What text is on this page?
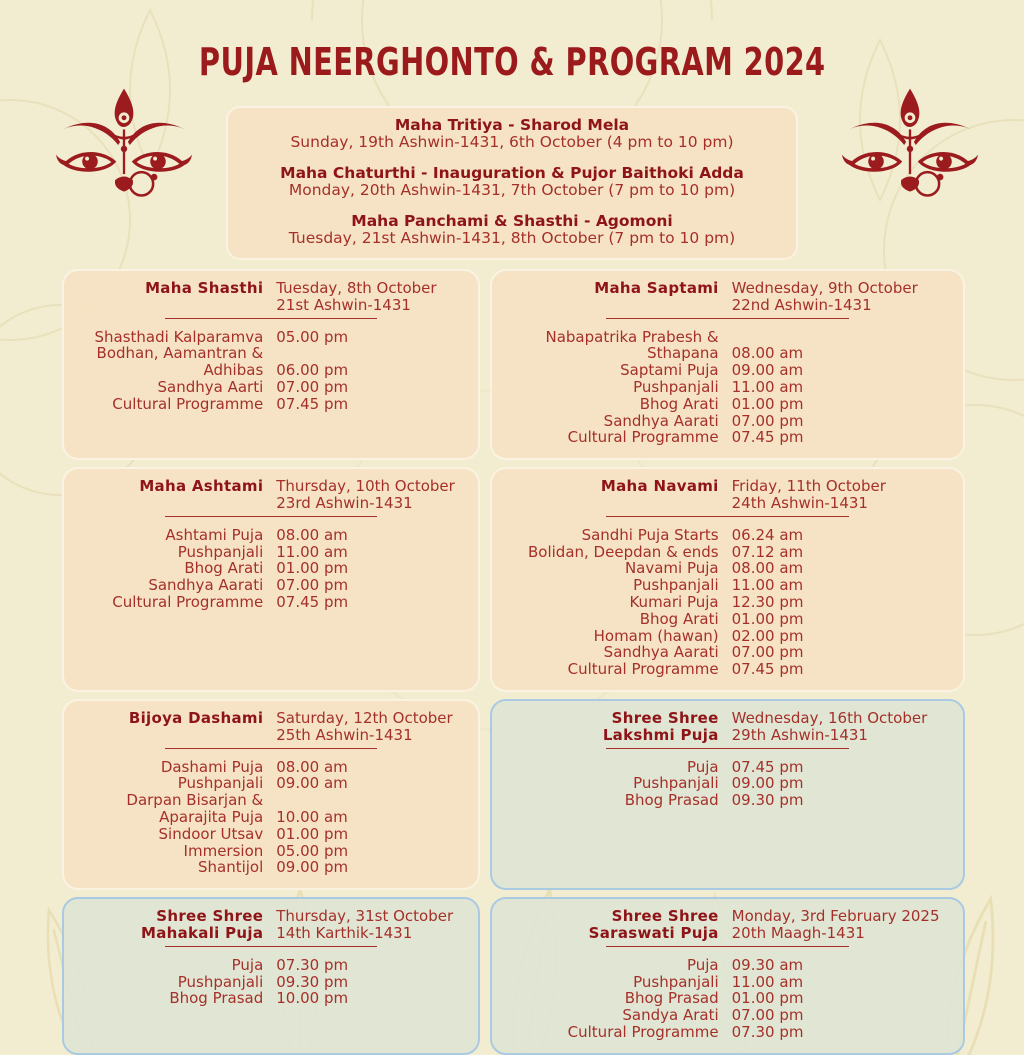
PUJA NEERGHONTO & PROGRAM 2024
Maha Tritiya - Sharod Mela
Sunday, 19th Ashwin-1431, 6th October (4 pm to 10 pm)
Maha Chaturthi - Inauguration & Pujor Baithoki Adda
Monday, 20th Ashwin-1431, 7th October (7 pm to 10 pm)
Maha Panchami & Shasthi - Agomoni
Tuesday, 21st Ashwin-1431, 8th October (7 pm to 10 pm)
Maha Shasthi Tuesday, 8th October
21st Ashwin-1431
Shasthadi Kalparamva 05.00 pm
Bodhan, Aamantran &
Adhibas 06.00 pm
Sandhya Aarti 07.00 pm
Cultural Programme 07.45 pm
Maha Saptami Wednesday, 9th October
22nd Ashwin-1431
Nabapatrika Prabesh &
Sthapana 08.00 am
Saptami Puja 09.00 am
Pushpanjali 11.00 am
Bhog Arati 01.00 pm
Sandhya Aarati 07.00 pm
Cultural Programme 07.45 pm
Maha Ashtami Thursday, 10th October
23rd Ashwin-1431
Ashtami Puja 08.00 am
Pushpanjali 11.00 am
Bhog Arati 01.00 pm
Sandhya Aarati 07.00 pm
Cultural Programme 07.45 pm
Maha Navami Friday, 11th October
24th Ashwin-1431
Sandhi Puja Starts 06.24 am
Bolidan, Deepdan & ends 07.12 am
Navami Puja 08.00 am
Pushpanjali 11.00 am
Kumari Puja 12.30 pm
Bhog Arati 01.00 pm
Homam (hawan) 02.00 pm
Sandhya Aarati 07.00 pm
Cultural Programme 07.45 pm
Bijoya Dashami Saturday, 12th October
25th Ashwin-1431
Dashami Puja 08.00 am
Pushpanjali 09.00 am
Darpan Bisarjan &
Aparajita Puja 10.00 am
Sindoor Utsav 01.00 pm
Immersion 05.00 pm
Shantijol 09.00 pm
Shree Shree
Lakshmi Puja
Wednesday, 16th October
29th Ashwin-1431
Puja 07.45 pm
Pushpanjali 09.00 pm
Bhog Prasad 09.30 pm
Shree Shree
Mahakali Puja
Thursday, 31st October
14th Karthik-1431
Puja 07.30 pm
Pushpanjali 09.30 pm
Bhog Prasad 10.00 pm
Shree Shree
Saraswati Puja
Monday, 3rd February 2025
20th Maagh-1431
Puja 09.30 am
Pushpanjali 11.00 am
Bhog Prasad 01.00 pm
Sandya Arati 07.00 pm
Cultural Programme 07.30 pm
